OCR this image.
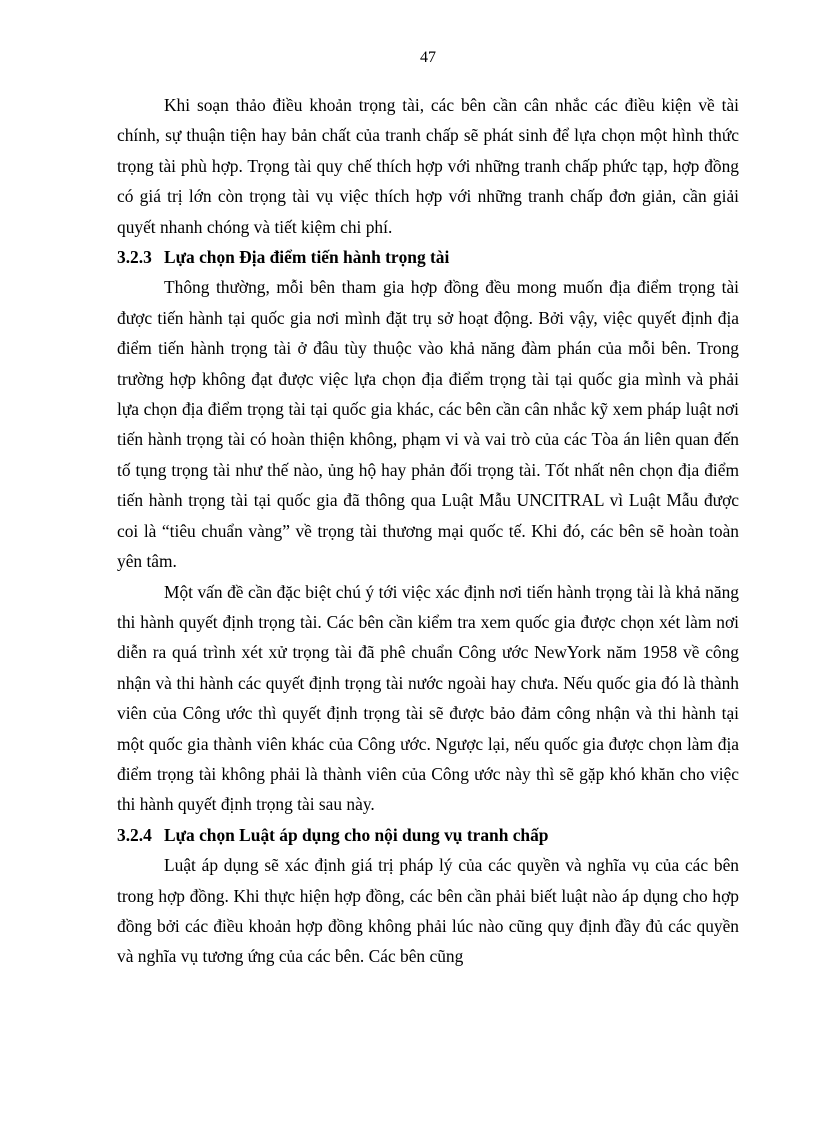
47

Khi soạn thảo điều khoản trọng tài, các bên cần cân nhắc các điều kiện về tài chính, sự thuận tiện hay bản chất của tranh chấp sẽ phát sinh để lựa chọn một hình thức trọng tài phù hợp. Trọng tài quy chế thích hợp với những tranh chấp phức tạp, hợp đồng có giá trị lớn còn trọng tài vụ việc thích hợp với những tranh chấp đơn giản, cần giải quyết nhanh chóng và tiết kiệm chi phí.

3.2.3 Lựa chọn Địa điểm tiến hành trọng tài

Thông thường, mỗi bên tham gia hợp đồng đều mong muốn địa điểm trọng tài được tiến hành tại quốc gia nơi mình đặt trụ sở hoạt động. Bởi vậy, việc quyết định địa điểm tiến hành trọng tài ở đâu tùy thuộc vào khả năng đàm phán của mỗi bên. Trong trường hợp không đạt được việc lựa chọn địa điểm trọng tài tại quốc gia mình và phải lựa chọn địa điểm trọng tài tại quốc gia khác, các bên cần cân nhắc kỹ xem pháp luật nơi tiến hành trọng tài có hoàn thiện không, phạm vi và vai trò của các Tòa án liên quan đến tố tụng trọng tài như thế nào, ủng hộ hay phản đối trọng tài. Tốt nhất nên chọn địa điểm tiến hành trọng tài tại quốc gia đã thông qua Luật Mẫu UNCITRAL vì Luật Mẫu được coi là “tiêu chuẩn vàng” về trọng tài thương mại quốc tế. Khi đó, các bên sẽ hoàn toàn yên tâm.

Một vấn đề cần đặc biệt chú ý tới việc xác định nơi tiến hành trọng tài là khả năng thi hành quyết định trọng tài. Các bên cần kiểm tra xem quốc gia được chọn xét làm nơi diễn ra quá trình xét xử trọng tài đã phê chuẩn Công ước NewYork năm 1958 về công nhận và thi hành các quyết định trọng tài nước ngoài hay chưa. Nếu quốc gia đó là thành viên của Công ước thì quyết định trọng tài sẽ được bảo đảm công nhận và thi hành tại một quốc gia thành viên khác của Công ước. Ngược lại, nếu quốc gia được chọn làm địa điểm trọng tài không phải là thành viên của Công ước này thì sẽ gặp khó khăn cho việc thi hành quyết định trọng tài sau này.

3.2.4 Lựa chọn Luật áp dụng cho nội dung vụ tranh chấp

Luật áp dụng sẽ xác định giá trị pháp lý của các quyền và nghĩa vụ của các bên trong hợp đồng. Khi thực hiện hợp đồng, các bên cần phải biết luật nào áp dụng cho hợp đồng bởi các điều khoản hợp đồng không phải lúc nào cũng quy định đầy đủ các quyền và nghĩa vụ tương ứng của các bên. Các bên cũng
